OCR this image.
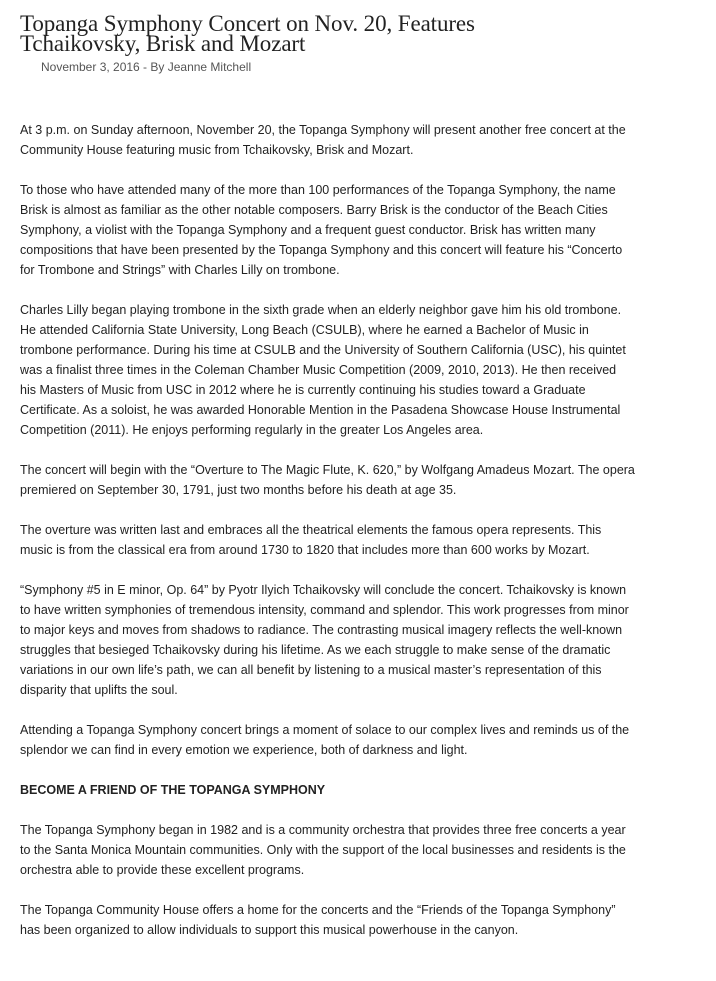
Topanga Symphony Concert on Nov. 20, Features
Tchaikovsky, Brisk and Mozart
November 3, 2016 - By Jeanne Mitchell

At 3 p.m. on Sunday afternoon, November 20, the Topanga Symphony will present another free concert at the Community House featuring music from Tchaikovsky, Brisk and Mozart.

To those who have attended many of the more than 100 performances of the Topanga Symphony, the name Brisk is almost as familiar as the other notable composers. Barry Brisk is the conductor of the Beach Cities Symphony, a violist with the Topanga Symphony and a frequent guest conductor. Brisk has written many compositions that have been presented by the Topanga Symphony and this concert will feature his “Concerto for Trombone and Strings” with Charles Lilly on trombone.

Charles Lilly began playing trombone in the sixth grade when an elderly neighbor gave him his old trombone. He attended California State University, Long Beach (CSULB), where he earned a Bachelor of Music in trombone performance. During his time at CSULB and the University of Southern California (USC), his quintet was a finalist three times in the Coleman Chamber Music Competition (2009, 2010, 2013). He then received his Masters of Music from USC in 2012 where he is currently continuing his studies toward a Graduate Certificate. As a soloist, he was awarded Honorable Mention in the Pasadena Showcase House Instrumental Competition (2011). He enjoys performing regularly in the greater Los Angeles area.

The concert will begin with the “Overture to The Magic Flute, K. 620,” by Wolfgang Amadeus Mozart. The opera premiered on September 30, 1791, just two months before his death at age 35.

The overture was written last and embraces all the theatrical elements the famous opera represents. This music is from the classical era from around 1730 to 1820 that includes more than 600 works by Mozart.

“Symphony #5 in E minor, Op. 64” by Pyotr Ilyich Tchaikovsky will conclude the concert. Tchaikovsky is known to have written symphonies of tremendous intensity, command and splendor. This work progresses from minor to major keys and moves from shadows to radiance. The contrasting musical imagery reflects the well-known struggles that besieged Tchaikovsky during his lifetime. As we each struggle to make sense of the dramatic variations in our own life’s path, we can all benefit by listening to a musical master’s representation of this disparity that uplifts the soul.

Attending a Topanga Symphony concert brings a moment of solace to our complex lives and reminds us of the splendor we can find in every emotion we experience, both of darkness and light.

BECOME A FRIEND OF THE TOPANGA SYMPHONY

The Topanga Symphony began in 1982 and is a community orchestra that provides three free concerts a year to the Santa Monica Mountain communities. Only with the support of the local businesses and residents is the orchestra able to provide these excellent programs.

The Topanga Community House offers a home for the concerts and the “Friends of the Topanga Symphony” has been organized to allow individuals to support this musical powerhouse in the canyon.
